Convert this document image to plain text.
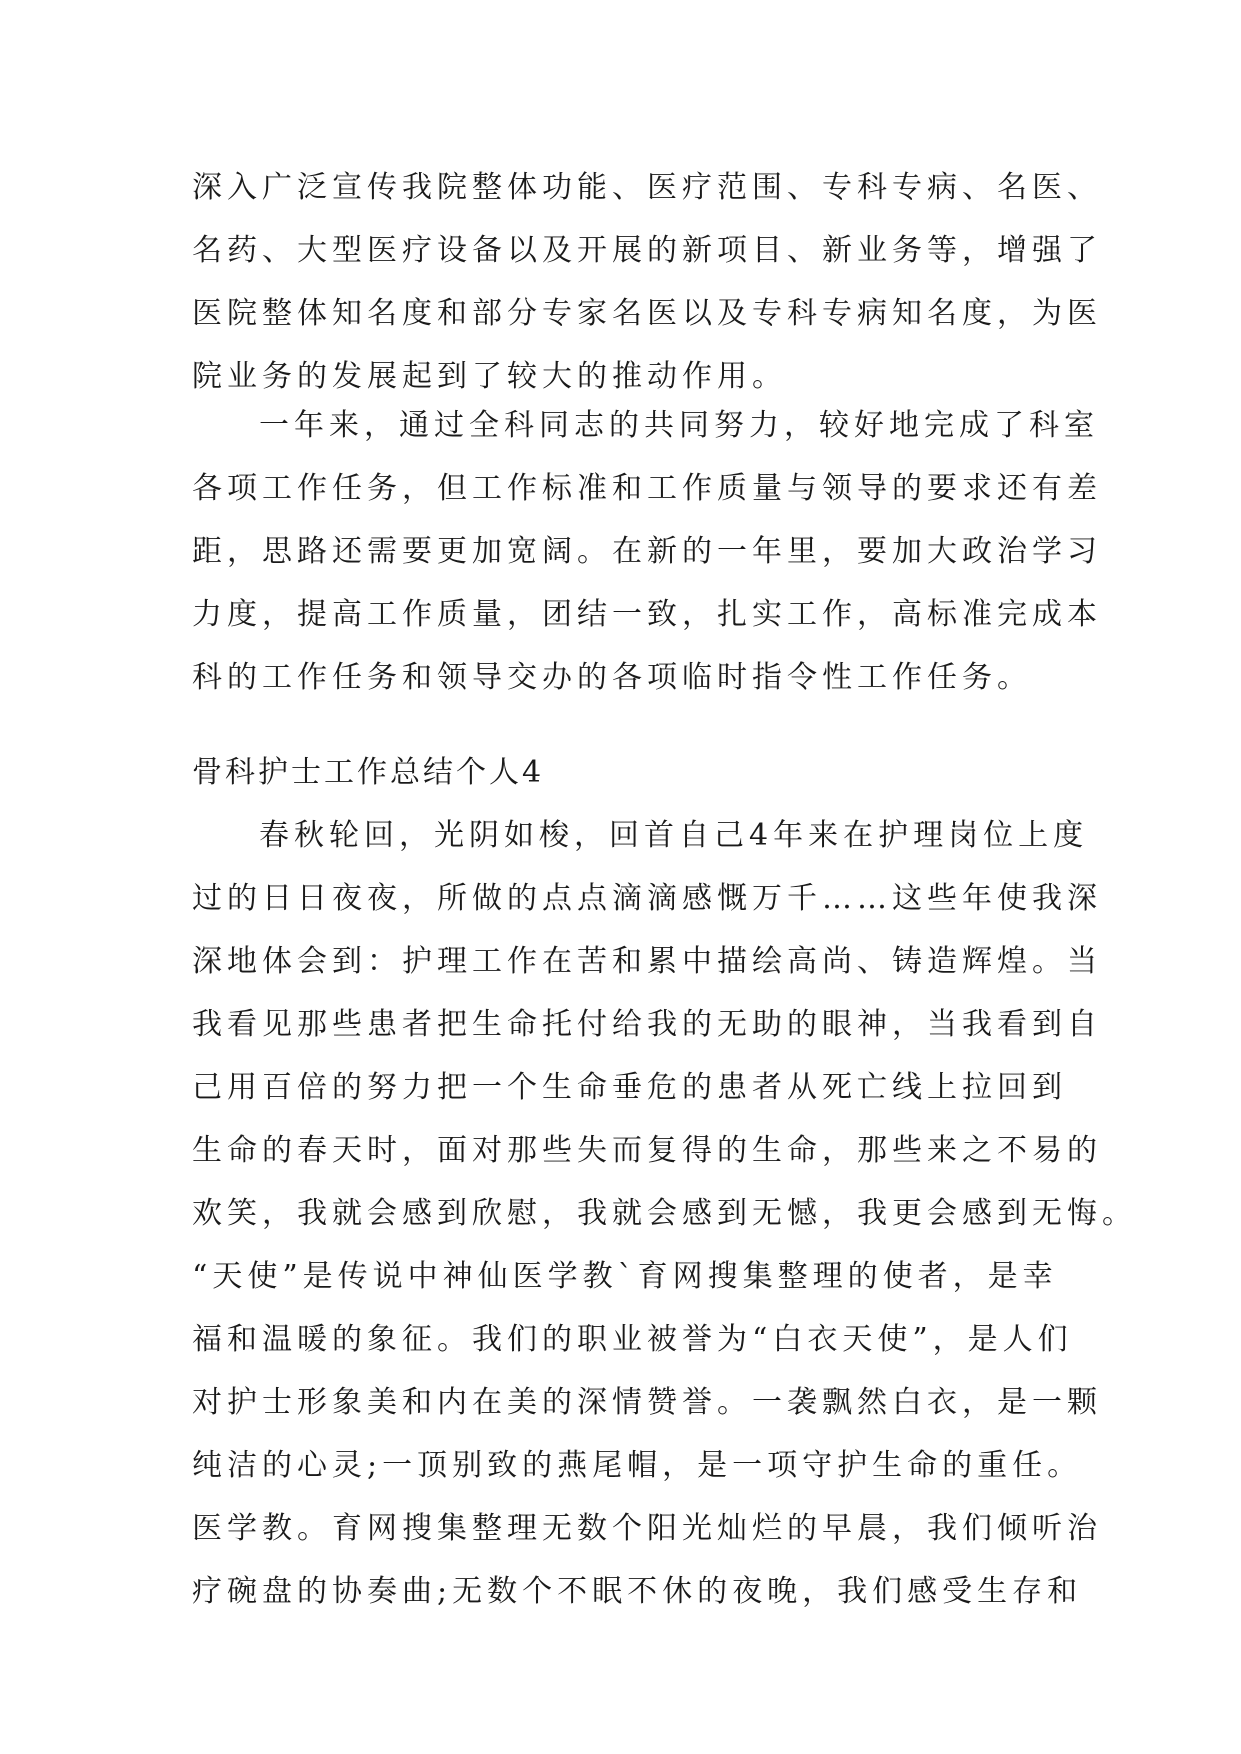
深入广泛宣传我院整体功能、医疗范围、专科专病、名医、
名药、大型医疗设备以及开展的新项目、新业务等，增强了
医院整体知名度和部分专家名医以及专科专病知名度，为医
院业务的发展起到了较大的推动作用。
一年来，通过全科同志的共同努力，较好地完成了科室
各项工作任务，但工作标准和工作质量与领导的要求还有差
距，思路还需要更加宽阔。在新的一年里，要加大政治学习
力度，提高工作质量，团结一致，扎实工作，高标准完成本
科的工作任务和领导交办的各项临时指令性工作任务。
骨科护士工作总结个人4
春秋轮回，光阴如梭，回首自己4年来在护理岗位上度
过的日日夜夜，所做的点点滴滴感慨万千……这些年使我深
深地体会到：护理工作在苦和累中描绘高尚、铸造辉煌。当
我看见那些患者把生命托付给我的无助的眼神，当我看到自
己用百倍的努力把一个生命垂危的患者从死亡线上拉回到
生命的春天时，面对那些失而复得的生命，那些来之不易的
欢笑，我就会感到欣慰，我就会感到无憾，我更会感到无悔。
“天使”是传说中神仙医学教`育网搜集整理的使者，是幸
福和温暖的象征。我们的职业被誉为“白衣天使”，是人们
对护士形象美和内在美的深情赞誉。一袭飘然白衣，是一颗
纯洁的心灵;一顶别致的燕尾帽，是一项守护生命的重任。
医学教。育网搜集整理无数个阳光灿烂的早晨，我们倾听治
疗碗盘的协奏曲;无数个不眠不休的夜晚，我们感受生存和
